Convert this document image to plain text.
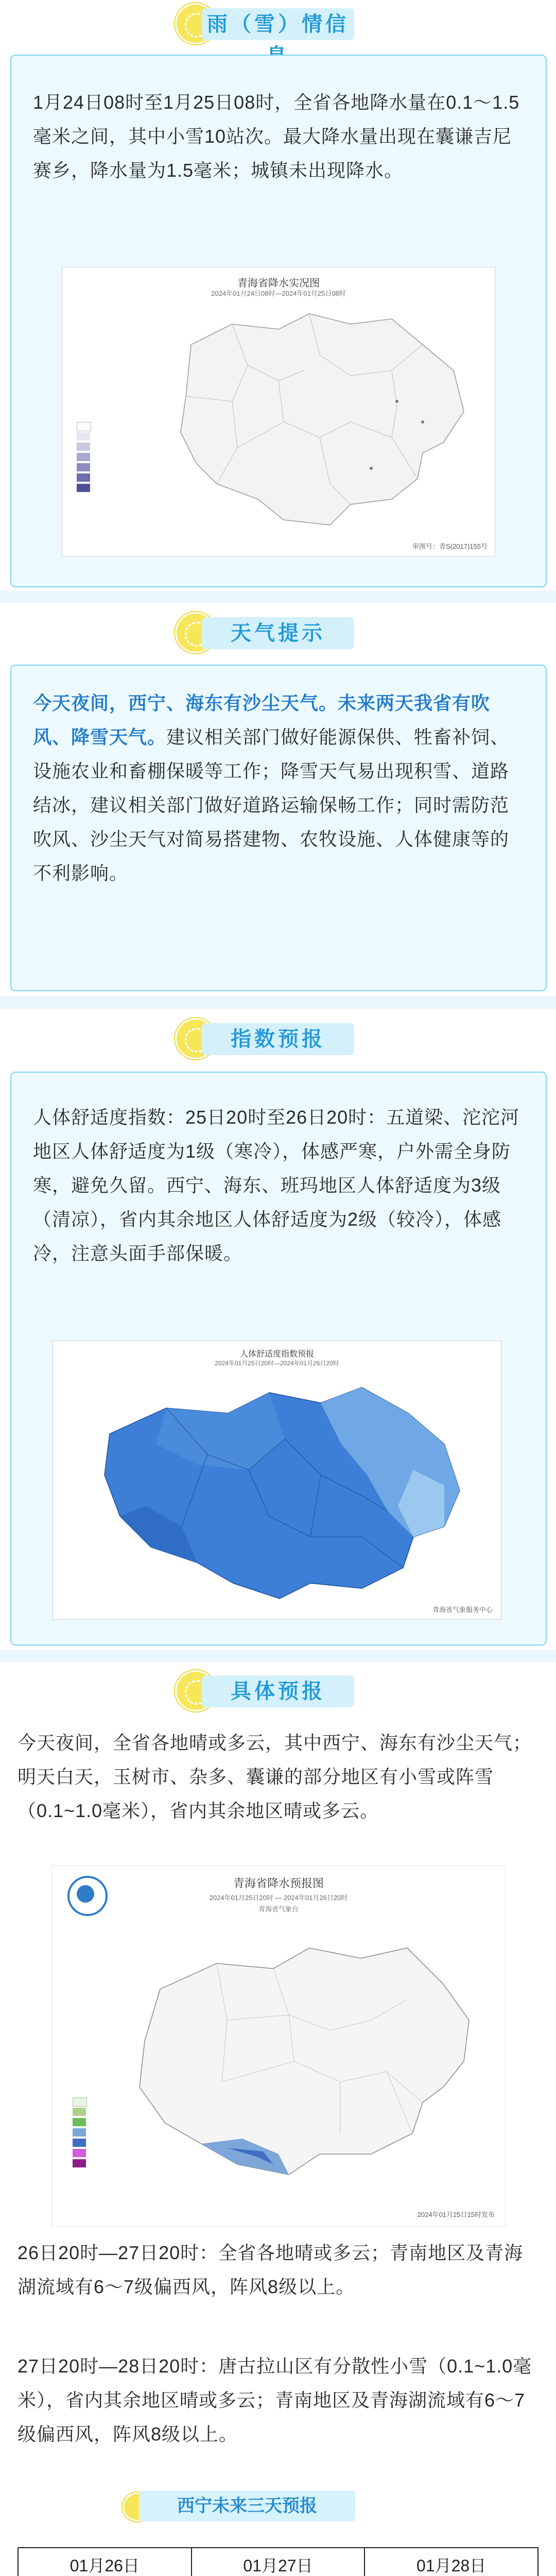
雨（雪）情信

1月24日08时至1月25日08时，全省各地降水量在0.1～1.5毫米之间，其中小雪10站次。最大降水量出现在囊谦吉尼赛乡，降水量为1.5毫米；城镇未出现降水。

青海省降水实况图
2024年01月24日08时—2024年01月25日08时
审图号：青S(2017)155号
天气提示

今天夜间，西宁、海东有沙尘天气。未来两天我省有吹风、降雪天气。建议相关部门做好能源保供、牲畜补饲、设施农业和畜棚保暖等工作；降雪天气易出现积雪、道路结冰，建议相关部门做好道路运输保畅工作；同时需防范吹风、沙尘天气对简易搭建物、农牧设施、人体健康等的不利影响。

指数预报

人体舒适度指数：25日20时至26日20时：五道梁、沱沱河地区人体舒适度为1级（寒冷），体感严寒，户外需全身防寒，避免久留。西宁、海东、班玛地区人体舒适度为3级（清凉），省内其余地区人体舒适度为2级（较冷），体感冷，注意头面手部保暖。

人体舒适度指数预报
2024年01月25日20时—2024年01月26日20时
青海省气象服务中心
具体预报

今天夜间，全省各地晴或多云，其中西宁、海东有沙尘天气；明天白天，玉树市、杂多、囊谦的部分地区有小雪或阵雪（0.1~1.0毫米），省内其余地区晴或多云。

青海省降水预报图
2024年01月25日20时 — 2024年01月26日20时
青海省气象台
2024年01月25日15时发布

26日20时—27日20时：全省各地晴或多云；青南地区及青海湖流域有6～7级偏西风，阵风8级以上。

27日20时—28日20时：唐古拉山区有分散性小雪（0.1~1.0毫米），省内其余地区晴或多云；青南地区及青海湖流域有6～7级偏西风，阵风8级以上。

西宁未来三天预报
01月26日	01月27日	01月28日
